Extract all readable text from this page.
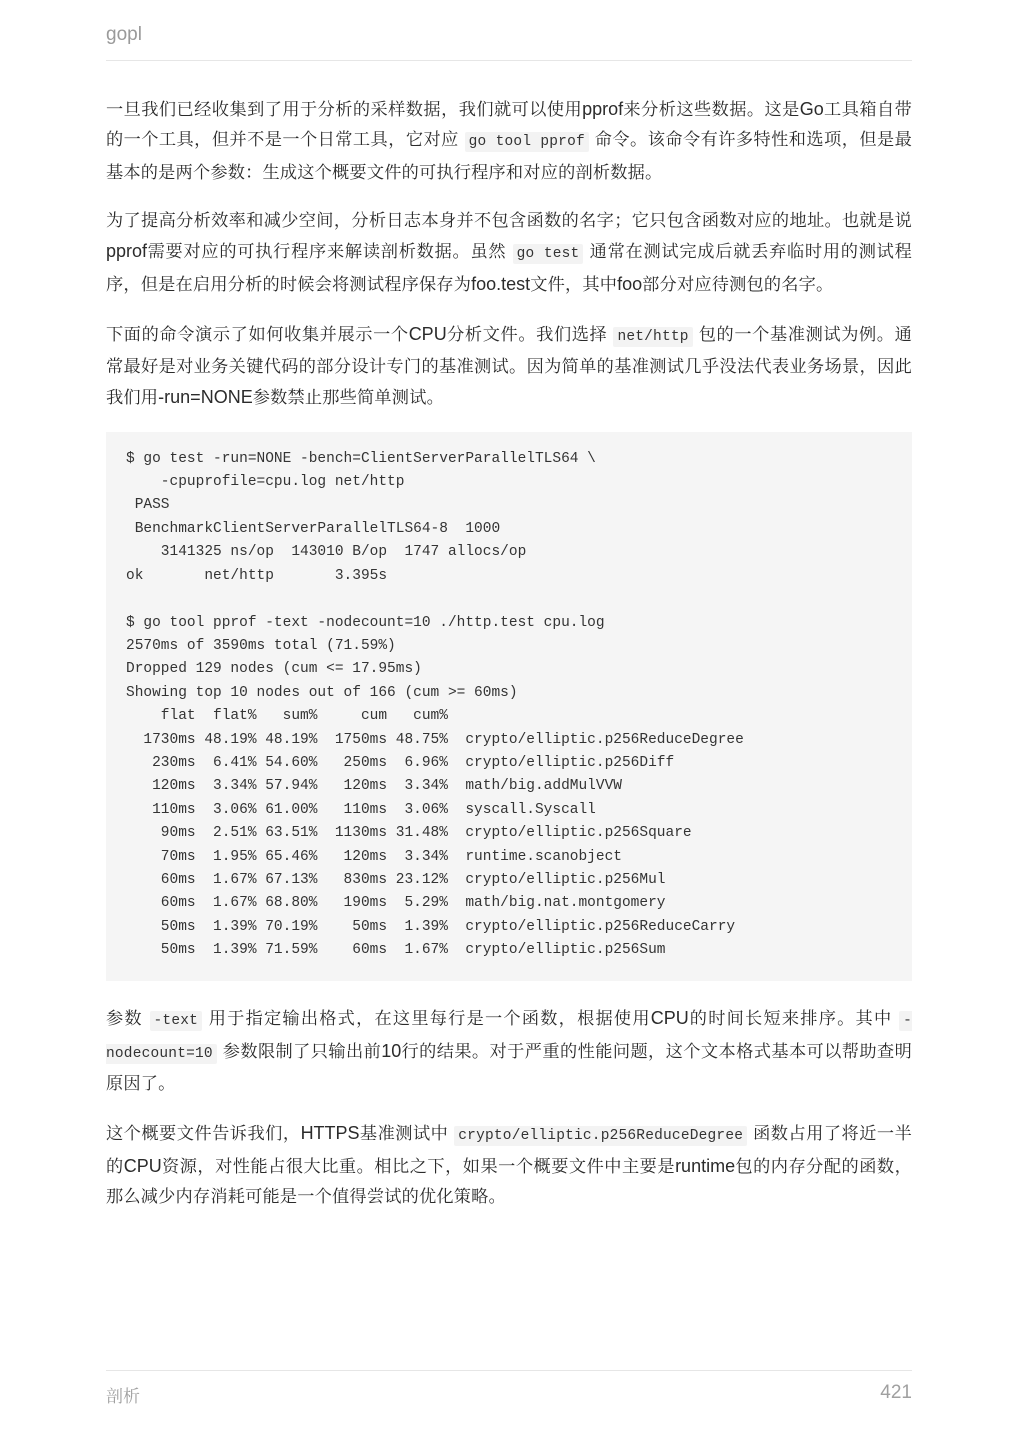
gopl

一旦我们已经收集到了用于分析的采样数据，我们就可以使用pprof来分析这些数据。这是Go工具箱自带的一个工具，但并不是一个日常工具，它对应 go tool pprof 命令。该命令有许多特性和选项，但是最基本的是两个参数：生成这个概要文件的可执行程序和对应的剖析数据。

为了提高分析效率和减少空间，分析日志本身并不包含函数的名字；它只包含函数对应的地址。也就是说pprof需要对应的可执行程序来解读剖析数据。虽然 go test 通常在测试完成后就丢弃临时用的测试程序，但是在启用分析的时候会将测试程序保存为foo.test文件，其中foo部分对应待测包的名字。

下面的命令演示了如何收集并展示一个CPU分析文件。我们选择 net/http 包的一个基准测试为例。通常最好是对业务关键代码的部分设计专门的基准测试。因为简单的基准测试几乎没法代表业务场景，因此我们用-run=NONE参数禁止那些简单测试。

$ go test -run=NONE -bench=ClientServerParallelTLS64 \
-cpuprofile=cpu.log net/http
PASS
BenchmarkClientServerParallelTLS64-8  1000
3141325 ns/op  143010 B/op  1747 allocs/op
ok       net/http       3.395s

$ go tool pprof -text -nodecount=10 ./http.test cpu.log
2570ms of 3590ms total (71.59%)
Dropped 129 nodes (cum <= 17.95ms)
Showing top 10 nodes out of 166 (cum >= 60ms)
flat  flat%   sum%     cum   cum%
1730ms 48.19% 48.19%  1750ms 48.75%  crypto/elliptic.p256ReduceDegree
230ms  6.41% 54.60%   250ms  6.96%  crypto/elliptic.p256Diff
120ms  3.34% 57.94%   120ms  3.34%  math/big.addMulVVW
110ms  3.06% 61.00%   110ms  3.06%  syscall.Syscall
90ms  2.51% 63.51%  1130ms 31.48%  crypto/elliptic.p256Square
70ms  1.95% 65.46%   120ms  3.34%  runtime.scanobject
60ms  1.67% 67.13%   830ms 23.12%  crypto/elliptic.p256Mul
60ms  1.67% 68.80%   190ms  5.29%  math/big.nat.montgomery
50ms  1.39% 70.19%    50ms  1.39%  crypto/elliptic.p256ReduceCarry
50ms  1.39% 71.59%    60ms  1.67%  crypto/elliptic.p256Sum

参数 -text 用于指定输出格式，在这里每行是一个函数，根据使用CPU的时间长短来排序。其中 -nodecount=10 参数限制了只输出前10行的结果。对于严重的性能问题，这个文本格式基本可以帮助查明原因了。

这个概要文件告诉我们，HTTPS基准测试中 crypto/elliptic.p256ReduceDegree 函数占用了将近一半的CPU资源，对性能占很大比重。相比之下，如果一个概要文件中主要是runtime包的内存分配的函数，那么减少内存消耗可能是一个值得尝试的优化策略。

剖析	421
